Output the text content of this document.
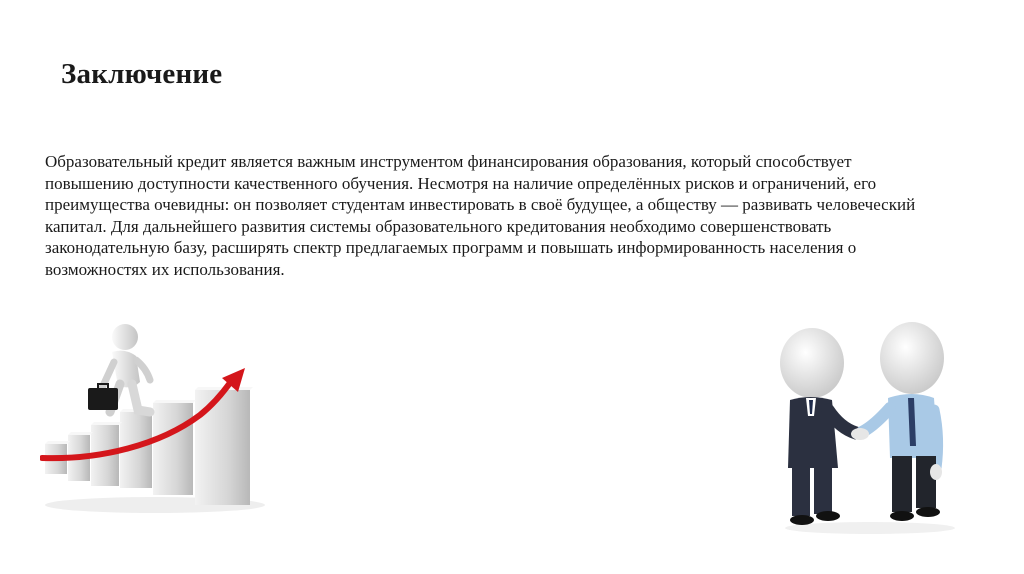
Заключение

Образовательный кредит является важным инструментом финансирования образования, который способствует повышению доступности качественного обучения. Несмотря на наличие определённых рисков и ограничений, его преимущества очевидны: он позволяет студентам инвестировать в своё будущее, а обществу — развивать человеческий капитал. Для дальнейшего развития системы образовательного кредитования необходимо совершенствовать законодательную базу, расширять спектр предлагаемых программ и повышать информированность населения о возможностях их использования.
